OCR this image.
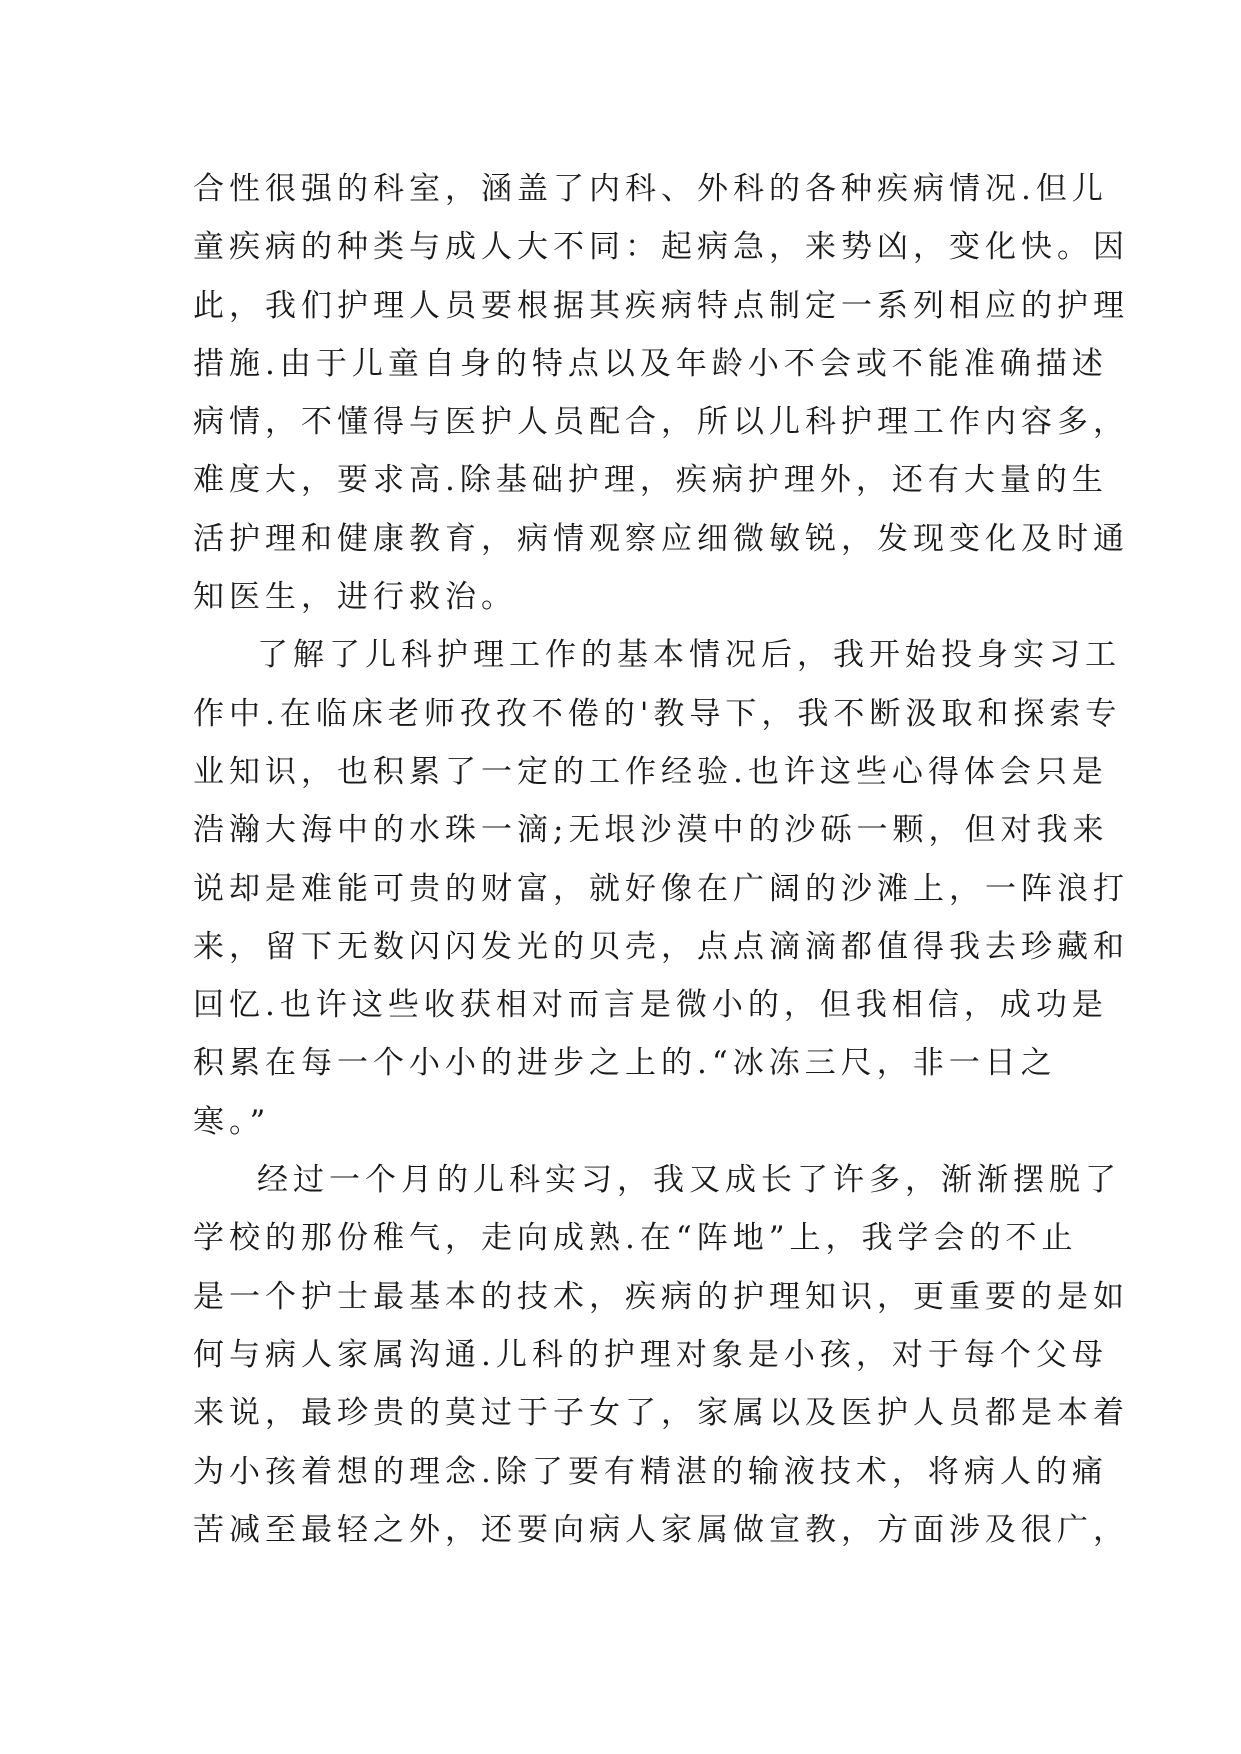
合性很强的科室，涵盖了内科、外科的各种疾病情况.但儿
童疾病的种类与成人大不同：起病急，来势凶，变化快。因
此，我们护理人员要根据其疾病特点制定一系列相应的护理
措施.由于儿童自身的特点以及年龄小不会或不能准确描述
病情，不懂得与医护人员配合，所以儿科护理工作内容多，
难度大，要求高.除基础护理，疾病护理外，还有大量的生
活护理和健康教育，病情观察应细微敏锐，发现变化及时通
知医生，进行救治。
了解了儿科护理工作的基本情况后，我开始投身实习工
作中.在临床老师孜孜不倦的'教导下，我不断汲取和探索专
业知识，也积累了一定的工作经验.也许这些心得体会只是
浩瀚大海中的水珠一滴;无垠沙漠中的沙砾一颗，但对我来
说却是难能可贵的财富，就好像在广阔的沙滩上，一阵浪打
来，留下无数闪闪发光的贝壳，点点滴滴都值得我去珍藏和
回忆.也许这些收获相对而言是微小的，但我相信，成功是
积累在每一个小小的进步之上的.“冰冻三尺，非一日之
寒。”
经过一个月的儿科实习，我又成长了许多，渐渐摆脱了
学校的那份稚气，走向成熟.在“阵地”上，我学会的不止
是一个护士最基本的技术，疾病的护理知识，更重要的是如
何与病人家属沟通.儿科的护理对象是小孩，对于每个父母
来说，最珍贵的莫过于子女了，家属以及医护人员都是本着
为小孩着想的理念.除了要有精湛的输液技术，将病人的痛
苦减至最轻之外，还要向病人家属做宣教，方面涉及很广，
